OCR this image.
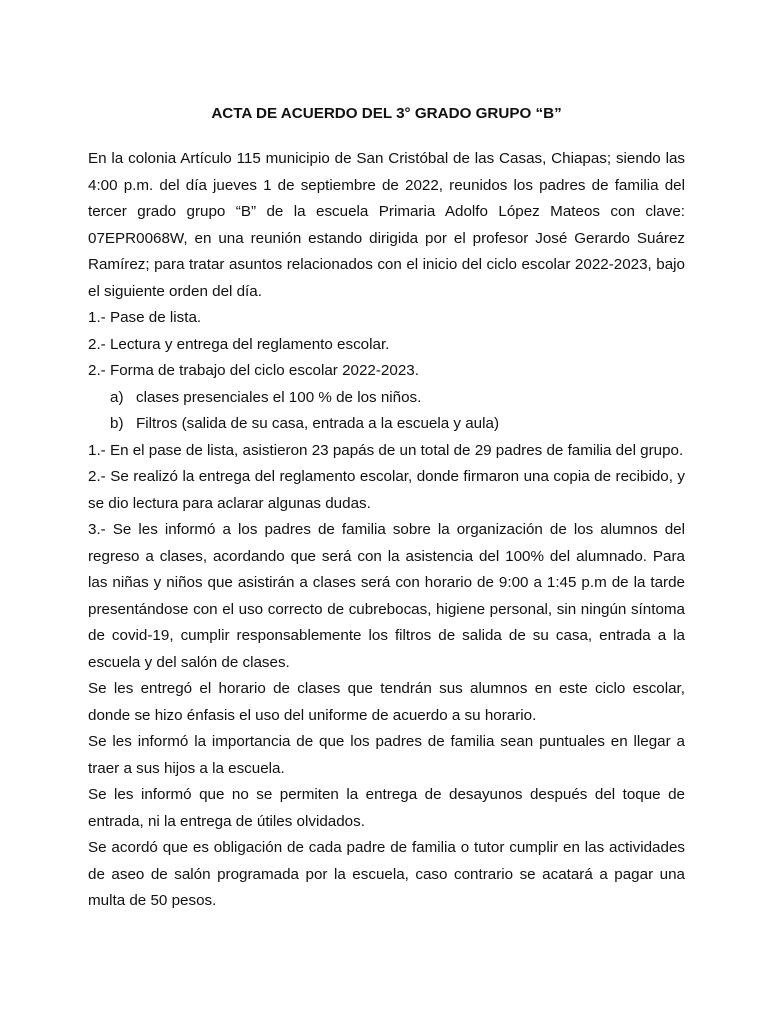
ACTA DE ACUERDO DEL 3° GRADO GRUPO “B”

En la colonia Artículo 115 municipio de San Cristóbal de las Casas, Chiapas; siendo las 4:00 p.m. del día jueves 1 de septiembre de 2022, reunidos los padres de familia del tercer grado grupo “B” de la escuela Primaria Adolfo López Mateos con clave: 07EPR0068W, en una reunión estando dirigida por el profesor José Gerardo Suárez Ramírez; para tratar asuntos relacionados con el inicio del ciclo escolar 2022-2023, bajo el siguiente orden del día.

1.- Pase de lista.

2.- Lectura y entrega del reglamento escolar.

2.- Forma de trabajo del ciclo escolar 2022-2023.

a) clases presenciales el 100 % de los niños.
b) Filtros (salida de su casa, entrada a la escuela y aula)

1.- En el pase de lista, asistieron 23 papás de un total de 29 padres de familia del grupo.

2.- Se realizó la entrega del reglamento escolar, donde firmaron una copia de recibido, y se dio lectura para aclarar algunas dudas.

3.- Se les informó a los padres de familia sobre la organización de los alumnos del regreso a clases, acordando que será con la asistencia del 100% del alumnado. Para las niñas y niños que asistirán a clases será con horario de 9:00 a 1:45 p.m de la tarde presentándose con el uso correcto de cubrebocas, higiene personal, sin ningún síntoma de covid-19, cumplir responsablemente los filtros de salida de su casa, entrada a la escuela y del salón de clases.

Se les entregó el horario de clases que tendrán sus alumnos en este ciclo escolar, donde se hizo énfasis el uso del uniforme de acuerdo a su horario.

Se les informó la importancia de que los padres de familia sean puntuales en llegar a traer a sus hijos a la escuela.

Se les informó que no se permiten la entrega de desayunos después del toque de entrada, ni la entrega de útiles olvidados.

Se acordó que es obligación de cada padre de familia o tutor cumplir en las actividades de aseo de salón programada por la escuela, caso contrario se acatará a pagar una multa de 50 pesos.
